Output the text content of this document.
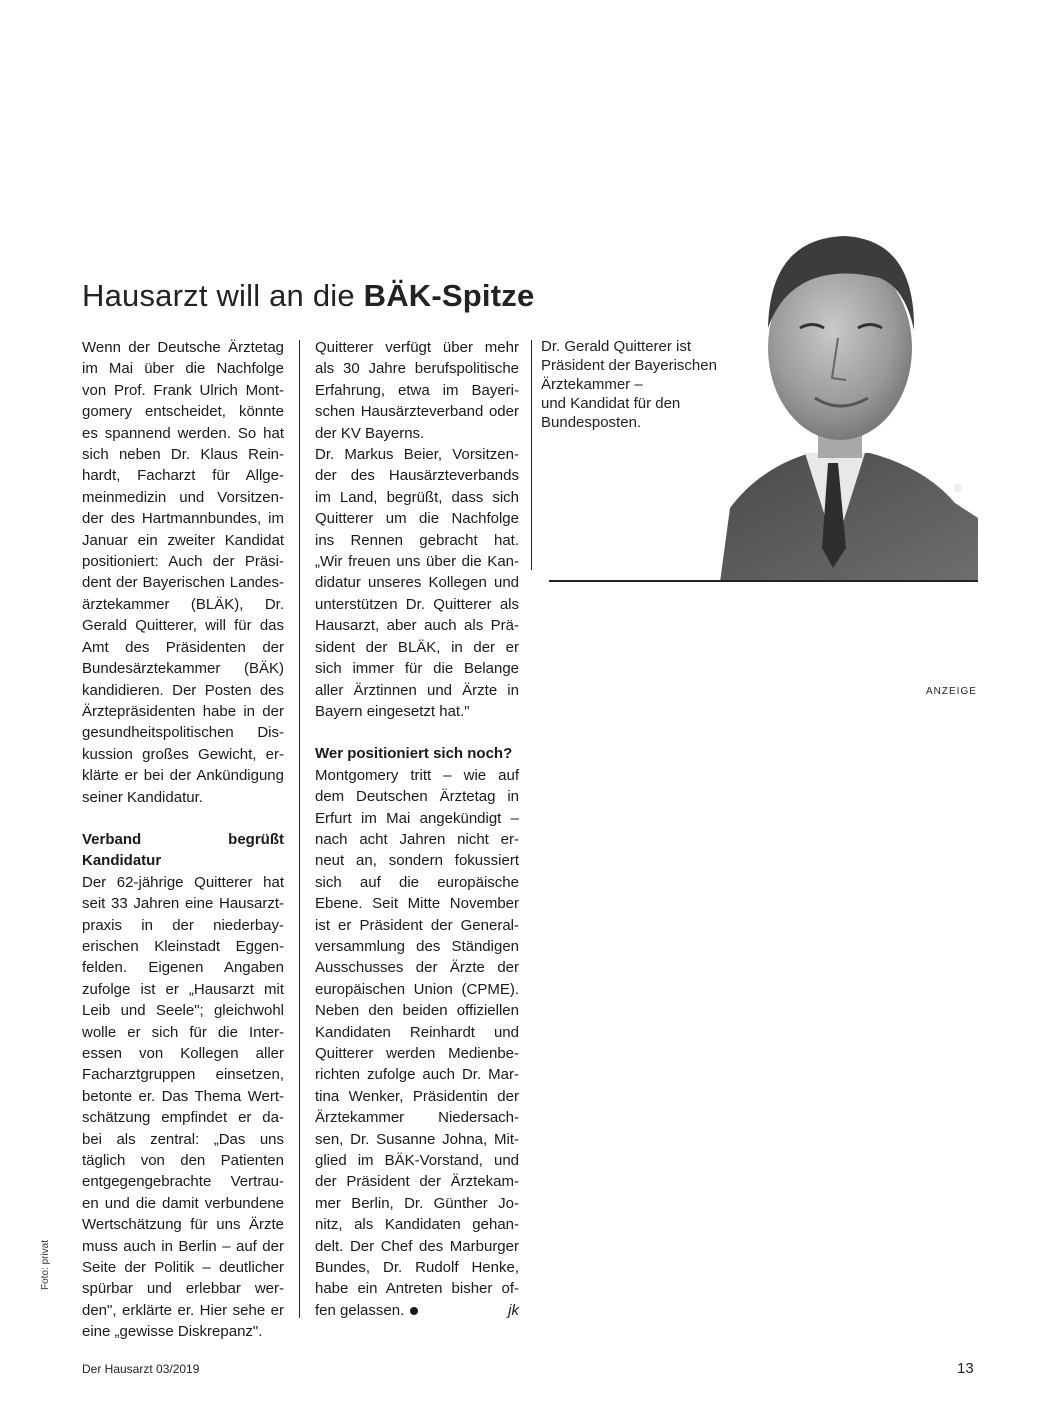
Hausarzt will an die BÄK-Spitze
Wenn der Deutsche Ärztetag
im Mai über die Nachfolge
von Prof. Frank Ulrich Mont-
gomery entscheidet, könnte
es spannend werden. So hat
sich neben Dr. Klaus Rein-
hardt, Facharzt für Allge-
meinmedizin und Vorsitzen-
der des Hartmannbundes, im
Januar ein zweiter Kandidat
positioniert: Auch der Präsi-
dent der Bayerischen Landes-
ärztekammer (BLÄK), Dr.
Gerald Quitterer, will für das
Amt des Präsidenten der
Bundesärztekammer (BÄK)
kandidieren. Der Posten des
Ärztepräsidenten habe in der
gesundheitspolitischen Dis-
kussion großes Gewicht, er-
klärte er bei der Ankündigung
seiner Kandidatur.
Verband begrüßt Kandidatur
Der 62-jährige Quitterer hat
seit 33 Jahren eine Hausarzt-
praxis in der niederbay-
erischen Kleinstadt Eggen-
felden. Eigenen Angaben
zufolge ist er „Hausarzt mit
Leib und Seele"; gleichwohl
wolle er sich für die Inter-
essen von Kollegen aller
Facharztgruppen einsetzen,
betonte er. Das Thema Wert-
schätzung empfindet er da-
bei als zentral: „Das uns
täglich von den Patienten
entgegengebrachte Vertrau-
en und die damit verbundene
Wertschätzung für uns Ärzte
muss auch in Berlin – auf der
Seite der Politik – deutlicher
spürbar und erlebbar wer-
den", erklärte er. Hier sehe er
eine „gewisse Diskrepanz".
Quitterer verfügt über mehr
als 30 Jahre berufspolitische
Erfahrung, etwa im Bayeri-
schen Hausärzteverband oder
der KV Bayerns.
Dr. Markus Beier, Vorsitzen-
der des Hausärzteverbands
im Land, begrüßt, dass sich
Quitterer um die Nachfolge
ins Rennen gebracht hat.
„Wir freuen uns über die Kan-
didatur unseres Kollegen und
unterstützen Dr. Quitterer als
Hausarzt, aber auch als Prä-
sident der BLÄK, in der er
sich immer für die Belange
aller Ärztinnen und Ärzte in
Bayern eingesetzt hat."
Wer positioniert sich noch?
Montgomery tritt – wie auf
dem Deutschen Ärztetag in
Erfurt im Mai angekündigt –
nach acht Jahren nicht er-
neut an, sondern fokussiert
sich auf die europäische
Ebene. Seit Mitte November
ist er Präsident der General-
versammlung des Ständigen
Ausschusses der Ärzte der
europäischen Union (CPME).
Neben den beiden offiziellen
Kandidaten Reinhardt und
Quitterer werden Medienbe-
richten zufolge auch Dr. Mar-
tina Wenker, Präsidentin der
Ärztekammer Niedersach-
sen, Dr. Susanne Johna, Mit-
glied im BÄK-Vorstand, und
der Präsident der Ärztekam-
mer Berlin, Dr. Günther Jo-
nitz, als Kandidaten gehan-
delt. Der Chef des Marburger
Bundes, Dr. Rudolf Henke,
habe ein Antreten bisher of-

fen gelassen.	jk

Dr. Gerald Quitterer ist
Präsident der Bayerischen
Ärztekammer –
und Kandidat für den
Bundesposten.
ANZEIGE
Foto: privat
Der Hausarzt 03/2019	13
